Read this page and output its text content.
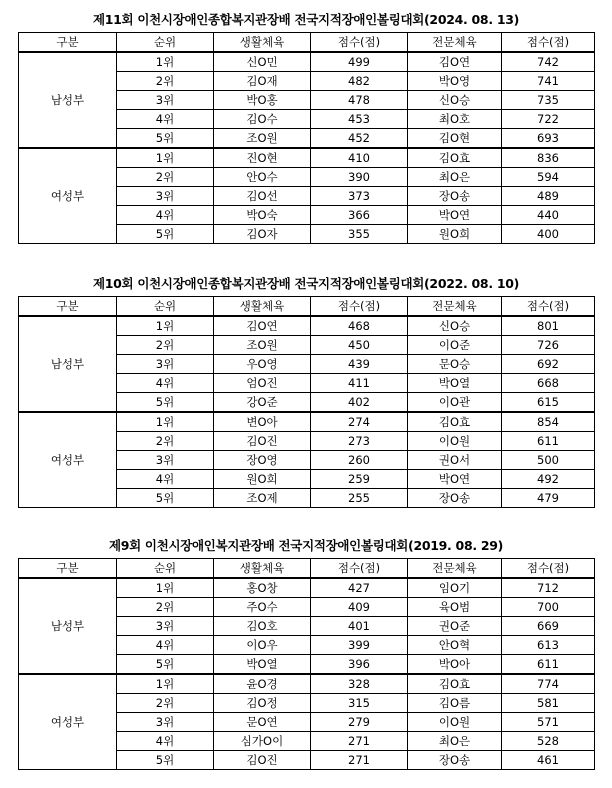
제11회 이천시장애인종합복지관장배 전국지적장애인볼링대회(2024. 08. 13)
구분	순위	생활체육	점수(점)	전문체육	점수(점)
남성부	1위	신O민	499	김O연	742
	2위	김O재	482	박O영	741
	3위	박O홍	478	신O승	735
	4위	김O수	453	최O호	722
	5위	조O원	452	김O현	693
여성부	1위	진O현	410	김O효	836
	2위	안O수	390	최O은	594
	3위	김O선	373	장O송	489
	4위	박O숙	366	박O연	440
	5위	김O자	355	원O희	400
제10회 이천시장애인종합복지관장배 전국지적장애인볼링대회(2022. 08. 10)
구분	순위	생활체육	점수(점)	전문체육	점수(점)
남성부	1위	김O연	468	신O승	801
	2위	조O원	450	이O준	726
	3위	우O영	439	문O승	692
	4위	엄O진	411	박O열	668
	5위	강O준	402	이O관	615
여성부	1위	변O아	274	김O효	854
	2위	김O진	273	이O원	611
	3위	장O영	260	권O서	500
	4위	원O희	259	박O연	492
	5위	조O제	255	장O송	479
제9회 이천시장애인복지관장배 전국지적장애인볼링대회(2019. 08. 29)
구분	순위	생활체육	점수(점)	전문체육	점수(점)
남성부	1위	홍O창	427	임O기	712
	2위	주O수	409	육O범	700
	3위	김O호	401	권O준	669
	4위	이O우	399	안O혁	613
	5위	박O열	396	박O아	611
여성부	1위	윤O경	328	김O효	774
	2위	김O정	315	김O름	581
	3위	문O연	279	이O원	571
	4위	심가O이	271	최O은	528
	5위	김O진	271	장O송	461
